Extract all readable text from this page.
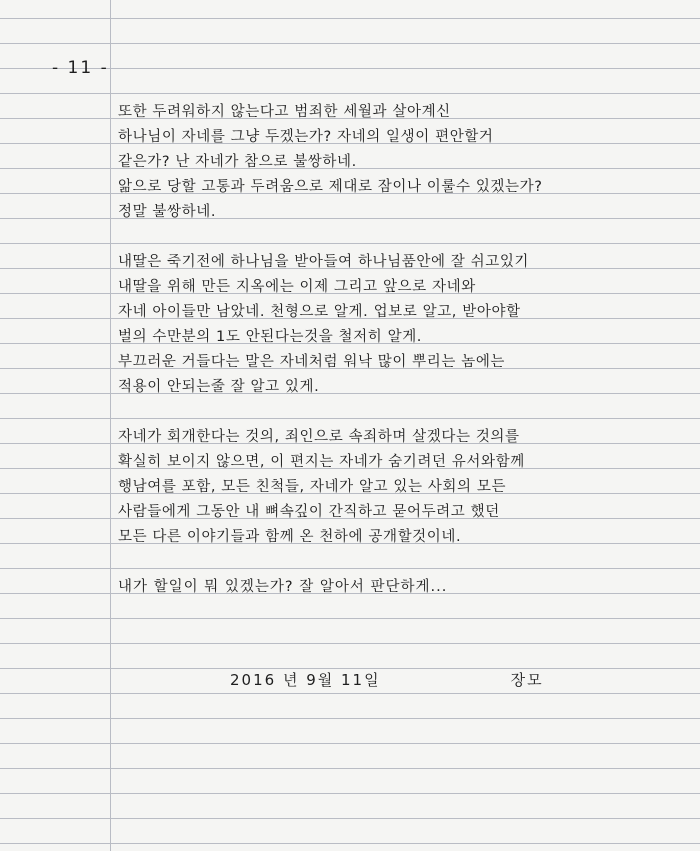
- 11 -
또한 두려워하지 않는다고 범죄한 세월과 살아계신
하나님이 자네를 그냥 두겠는가? 자네의 일생이 편안할거
같은가? 난 자네가 참으로 불쌍하네.
앎으로 당할 고통과 두려움으로 제대로 잠이나 이룰수 있겠는가?
정말 불쌍하네.
내딸은 죽기전에 하나님을 받아들여 하나님품안에 잘 쉬고있기
내딸을 위해 만든 지옥에는 이제 그리고 앞으로 자네와
자네 아이들만 남았네. 천형으로 알게. 업보로 알고, 받아야할
벌의 수만분의 1도 안된다는것을 철저히 알게.
부끄러운 거들다는 말은 자네처럼 워낙 많이 뿌리는 놈에는
적용이 안되는줄 잘 알고 있게.
자네가 회개한다는 것의, 죄인으로 속죄하며 살겠다는 것의를
확실히 보이지 않으면, 이 편지는 자네가 숨기려던 유서와함께
행남여를 포함, 모든 친척들, 자네가 알고 있는 사회의 모든
사람들에게 그동안 내 뼈속깊이 간직하고 묻어두려고 했던
모든 다른 이야기들과 함께 온 천하에 공개할것이네.
내가 할일이 뭐 있겠는가? 잘 알아서 판단하게...
2016 년 9월 11일	장모
